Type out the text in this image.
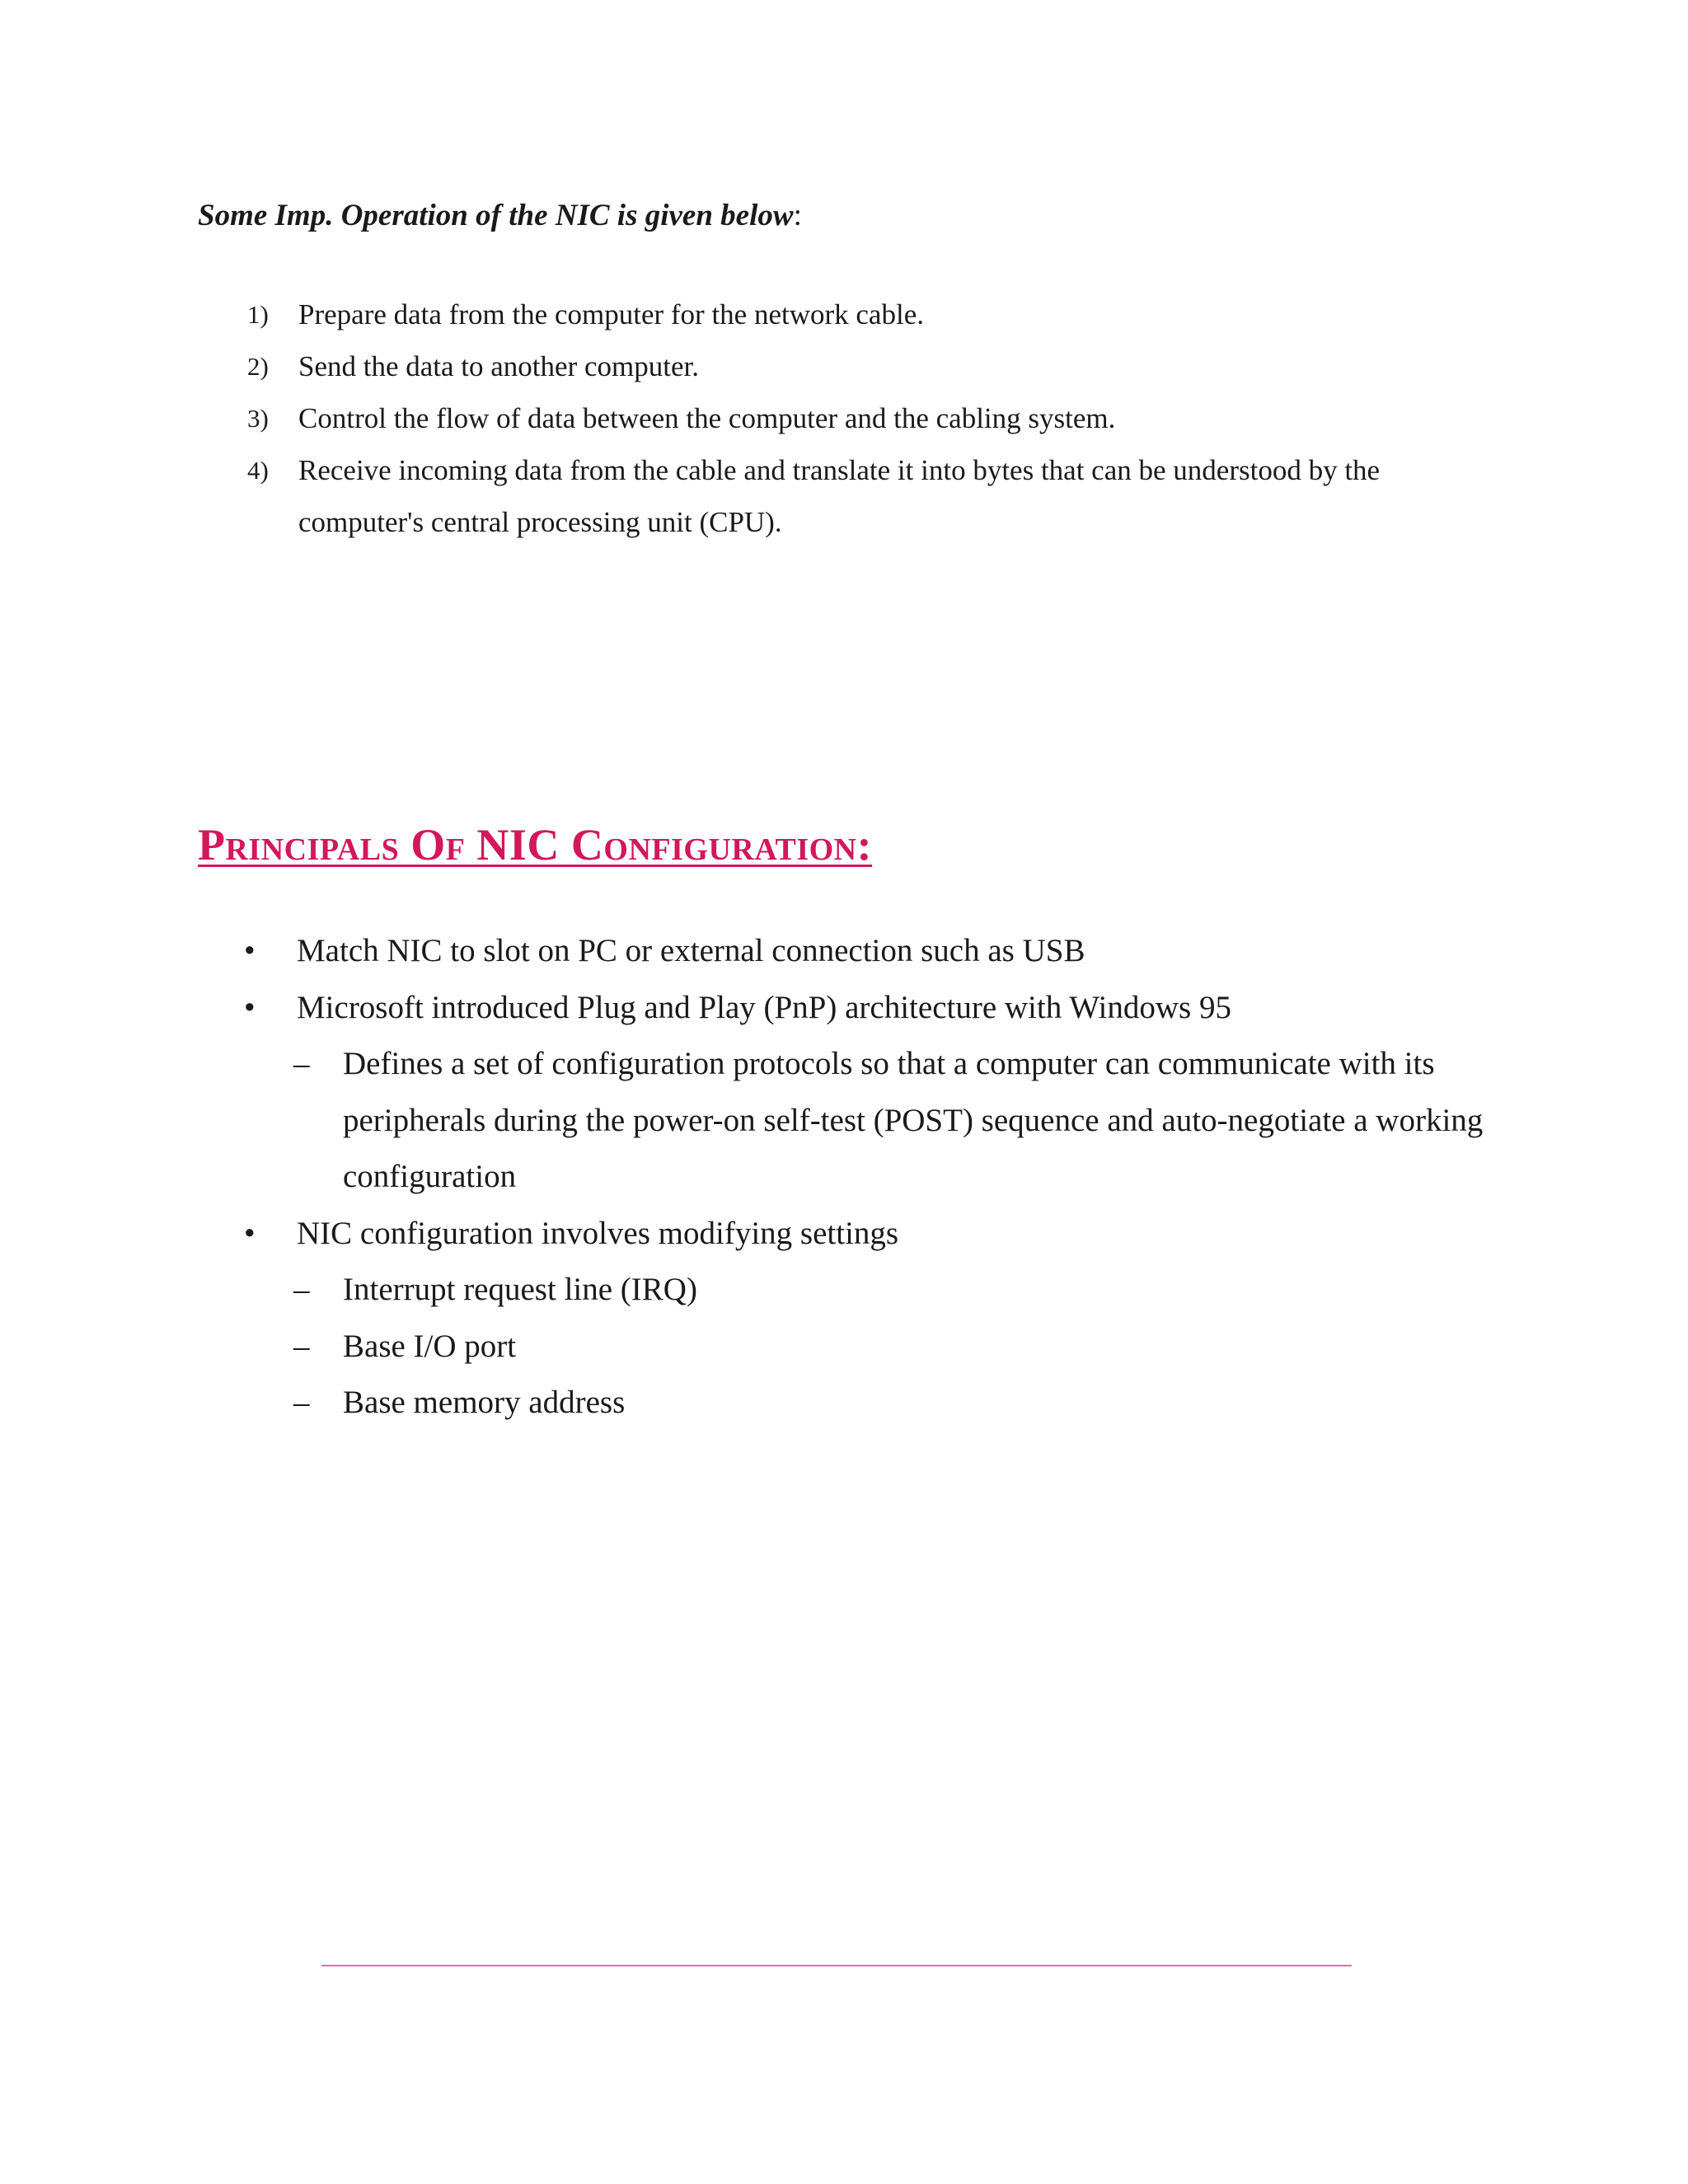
Some Imp. Operation of the NIC is given below:

1) Prepare data from the computer for the network cable.
2) Send the data to another computer.
3) Control the flow of data between the computer and the cabling system.
4) Receive incoming data from the cable and translate it into bytes that can be understood by the computer's central processing unit (CPU).
Principals Of NIC Configuration:
• Match NIC to slot on PC or external connection such as USB
• Microsoft introduced Plug and Play (PnP) architecture with Windows 95
– Defines a set of configuration protocols so that a computer can communicate with its peripherals during the power-on self-test (POST) sequence and auto-negotiate a working configuration
• NIC configuration involves modifying settings
– Interrupt request line (IRQ)
– Base I/O port
– Base memory address
